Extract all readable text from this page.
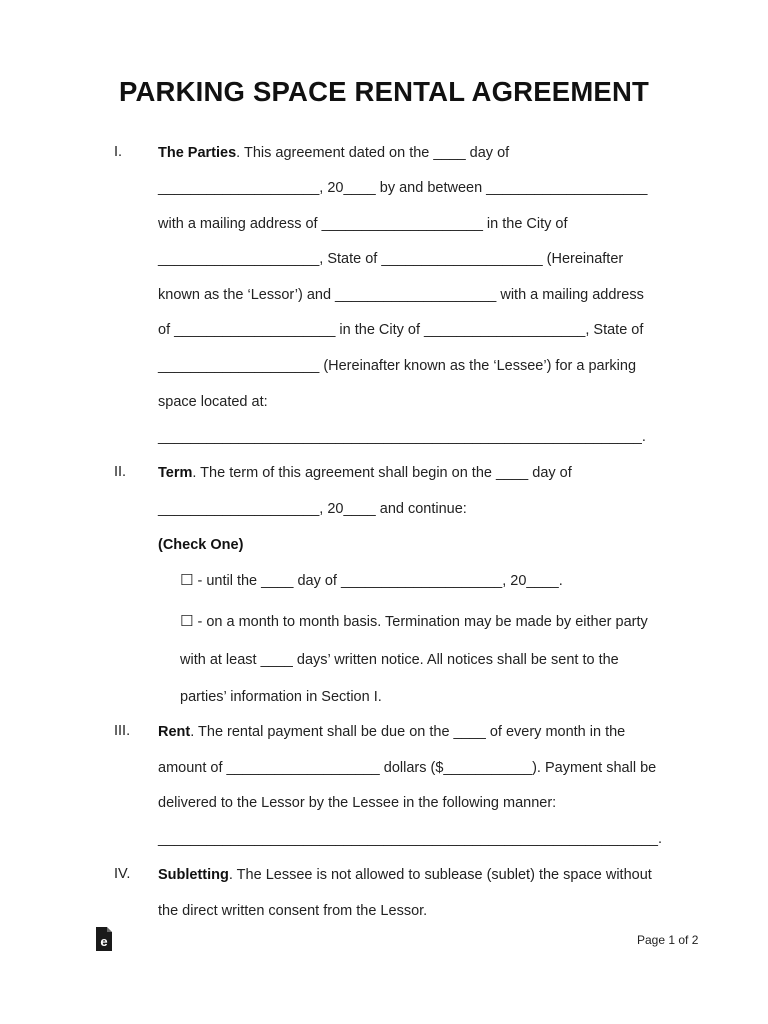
PARKING SPACE RENTAL AGREEMENT
I. The Parties. This agreement dated on the ____ day of
____________________, 20____ by and between ____________________
with a mailing address of ____________________ in the City of
____________________, State of ____________________ (Hereinafter
known as the ‘Lessor’) and ____________________ with a mailing address
of ____________________ in the City of ____________________, State of
____________________ (Hereinafter known as the ‘Lessee’) for a parking
space located at:
____________________________________________________________.
II. Term. The term of this agreement shall begin on the ____ day of
____________________, 20____ and continue:
(Check One)
☐ - until the ____ day of ____________________, 20____.
☐ - on a month to month basis. Termination may be made by either party
with at least ____ days’ written notice. All notices shall be sent to the
parties’ information in Section I.
III. Rent. The rental payment shall be due on the ____ of every month in the
amount of ___________________ dollars ($___________). Payment shall be
delivered to the Lessor by the Lessee in the following manner:
______________________________________________________________.
IV. Subletting. The Lessee is not allowed to sublease (sublet) the space without
the direct written consent from the Lessor.
e	Page 1 of 2
